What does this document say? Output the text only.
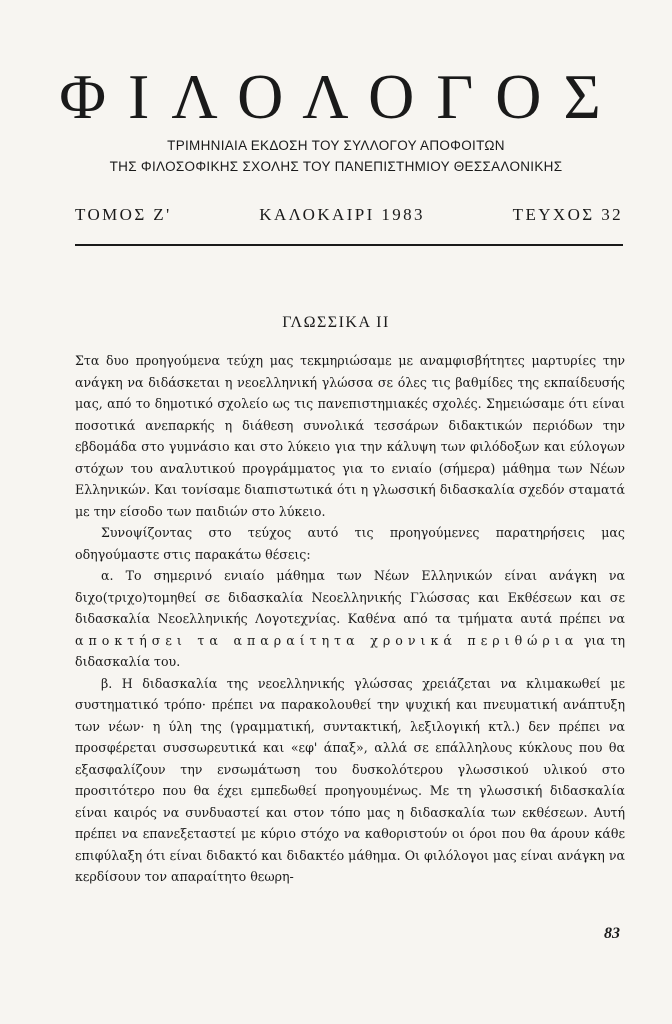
ΦΙΛΟΛΟΓΟΣ
ΤΡΙΜΗΝΙΑΙΑ ΕΚΔΟΣΗ ΤΟΥ ΣΥΛΛΟΓΟΥ ΑΠΟΦΟΙΤΩΝ
ΤΗΣ ΦΙΛΟΣΟΦΙΚΗΣ ΣΧΟΛΗΣ ΤΟΥ ΠΑΝΕΠΙΣΤΗΜΙΟΥ ΘΕΣΣΑΛΟΝΙΚΗΣ
ΤΟΜΟΣ Ζ'	ΚΑΛΟΚΑΙΡΙ 1983	ΤΕΥΧΟΣ 32
ΓΛΩΣΣΙΚΑ ΙΙ

Στα δυο προηγούμενα τεύχη μας τεκμηριώσαμε με αναμφισβήτητες μαρτυρίες την ανάγκη να διδάσκεται η νεοελληνική γλώσσα σε όλες τις βαθμίδες της εκπαίδευσής μας, από το δημοτικό σχολείο ως τις πανεπιστημιακές σχολές. Σημειώσαμε ότι είναι ποσοτικά ανεπαρκής η διάθεση συνολικά τεσσάρων διδακτικών περιόδων την εβδομάδα στο γυμνάσιο και στο λύκειο για την κάλυψη των φιλόδοξων και εύλογων στόχων του αναλυτικού προγράμματος για το ενιαίο (σήμερα) μάθημα των Νέων Ελληνικών. Και τονίσαμε διαπιστωτικά ότι η γλωσσική διδασκαλία σχεδόν σταματά με την είσοδο των παιδιών στο λύκειο.

Συνοψίζοντας στο τεύχος αυτό τις προηγούμενες παρατηρήσεις μας οδηγούμαστε στις παρακάτω θέσεις:

α. Το σημερινό ενιαίο μάθημα των Νέων Ελληνικών είναι ανάγκη να διχο(τριχο)τομηθεί σε διδασκαλία Νεοελληνικής Γλώσσας και Εκθέσεων και σε διδασκαλία Νεοελληνικής Λογοτεχνίας. Καθένα από τα τμήματα αυτά πρέπει να αποκτήσει τα απαραίτητα χρονικά περιθώρια για τη διδασκαλία του.

β. Η διδασκαλία της νεοελληνικής γλώσσας χρειάζεται να κλιμακωθεί με συστηματικό τρόπο· πρέπει να παρακολουθεί την ψυχική και πνευματική ανάπτυξη των νέων· η ύλη της (γραμματική, συντακτική, λεξιλογική κτλ.) δεν πρέπει να προσφέρεται συσσωρευτικά και «εφ' άπαξ», αλλά σε επάλληλους κύκλους που θα εξασφαλίζουν την ενσωμάτωση του δυσκολότερου γλωσσικού υλικού στο προσιτότερο που θα έχει εμπεδωθεί προηγουμένως. Με τη γλωσσική διδασκαλία είναι καιρός να συνδυαστεί και στον τόπο μας η διδασκαλία των εκθέσεων. Αυτή πρέπει να επανεξεταστεί με κύριο στόχο να καθοριστούν οι όροι που θα άρουν κάθε επιφύλαξη ότι είναι διδακτό και διδακτέο μάθημα. Οι φιλόλογοι μας είναι ανάγκη να κερδίσουν τον απαραίτητο θεωρη-

83
